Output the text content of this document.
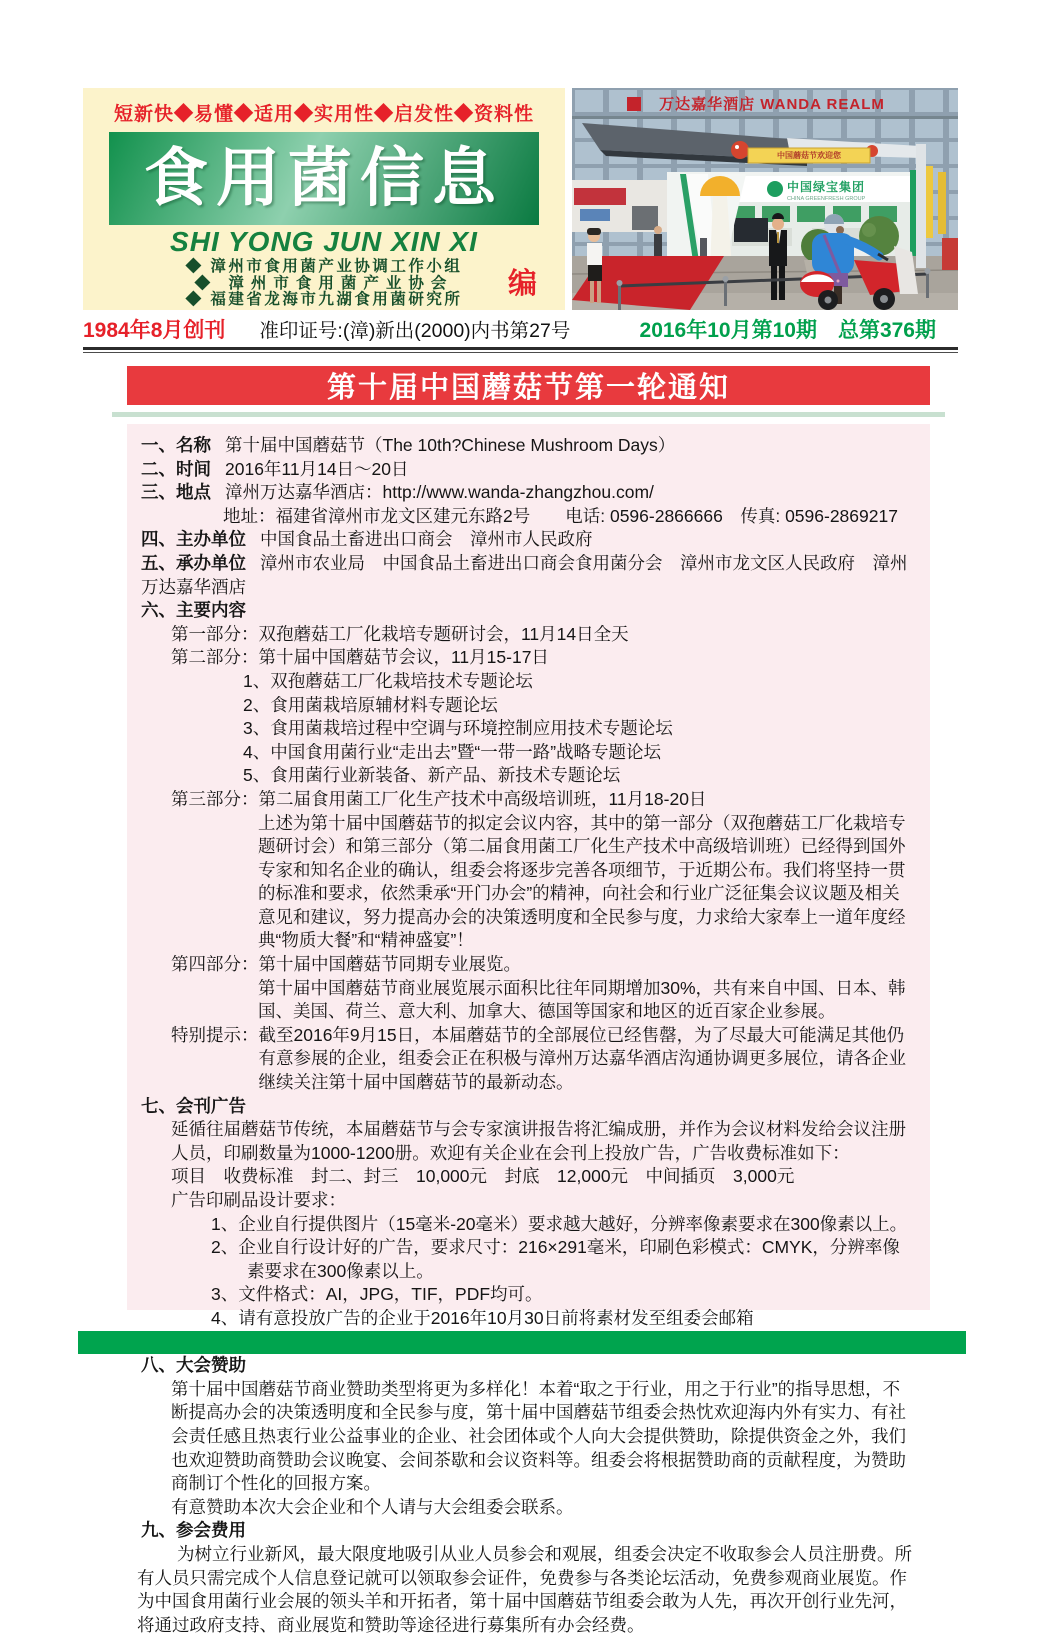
短新快◆易懂◆适用◆实用性◆启发性◆资料性
食用菌信息
SHI YONG JUN XIN XI
编
◆ 漳州市食用菌产业协调工作小组
◆ 漳州市食用菌产业协会
◆ 福建省龙海市九湖食用菌研究所
万达嘉华酒店 WANDA REALM
中国绿宝集团
CHINA GREENFRESH GROUP
中国蘑菇节欢迎您
1984年8月创刊 准印证号:(漳)新出(2000)内书第27号	2016年10月第10期　总第376期
第十届中国蘑菇节第一轮通知
一、名称 第十届中国蘑菇节（The 10th?Chinese Mushroom Days）
二、时间 2016年11月14日～20日
三、地点 漳州万达嘉华酒店：http://www.wanda-zhangzhou.com/
地址：福建省漳州市龙文区建元东路2号　　电话: 0596-2866666　传真: 0596-2869217
四、主办单位 中国食品土畜进出口商会　漳州市人民政府
五、承办单位 漳州市农业局　中国食品土畜进出口商会食用菌分会　漳州市龙文区人民政府　漳州万达嘉华酒店
六、主要内容
第一部分： 双孢蘑菇工厂化栽培专题研讨会，11月14日全天
第二部分： 第十届中国蘑菇节会议，11月15-17日
1、双孢蘑菇工厂化栽培技术专题论坛
2、食用菌栽培原辅材料专题论坛
3、食用菌栽培过程中空调与环境控制应用技术专题论坛
4、中国食用菌行业“走出去”暨“一带一路”战略专题论坛
5、食用菌行业新装备、新产品、新技术专题论坛
第三部分： 第二届食用菌工厂化生产技术中高级培训班，11月18-20日
上述为第十届中国蘑菇节的拟定会议内容，其中的第一部分（双孢蘑菇工厂化栽培专题研讨会）和第三部分（第二届食用菌工厂化生产技术中高级培训班）已经得到国外专家和知名企业的确认，组委会将逐步完善各项细节，于近期公布。我们将坚持一贯的标准和要求，依然秉承“开门办会”的精神，向社会和行业广泛征集会议议题及相关意见和建议，努力提高办会的决策透明度和全民参与度，力求给大家奉上一道年度经典“物质大餐”和“精神盛宴”！
第四部分： 第十届中国蘑菇节同期专业展览。
第十届中国蘑菇节商业展览展示面积比往年同期增加30%，共有来自中国、日本、韩国、美国、荷兰、意大利、加拿大、德国等国家和地区的近百家企业参展。
特别提示： 截至2016年9月15日，本届蘑菇节的全部展位已经售罄，为了尽最大可能满足其他仍有意参展的企业，组委会正在积极与漳州万达嘉华酒店沟通协调更多展位，请各企业继续关注第十届中国蘑菇节的最新动态。
七、会刊广告
延循往届蘑菇节传统，本届蘑菇节与会专家演讲报告将汇编成册，并作为会议材料发给会议注册人员，印刷数量为1000-1200册。欢迎有关企业在会刊上投放广告，广告收费标准如下：
项目　收费标准　封二、封三　10,000元　封底　12,000元　中间插页　3,000元
广告印刷品设计要求：
1、企业自行提供图片（15毫米-20毫米）要求越大越好，分辨率像素要求在300像素以上。
2、企业自行设计好的广告，要求尺寸：216×291毫米，印刷色彩模式：CMYK，分辨率像素要求在300像素以上。
3、文件格式：AI，JPG，TIF，PDF均可。
4、请有意投放广告的企业于2016年10月30日前将素材发至组委会邮箱
八、大会赞助
第十届中国蘑菇节商业赞助类型将更为多样化！本着“取之于行业，用之于行业”的指导思想，不断提高办会的决策透明度和全民参与度，第十届中国蘑菇节组委会热忱欢迎海内外有实力、有社会责任感且热衷行业公益事业的企业、社会团体或个人向大会提供赞助，除提供资金之外，我们也欢迎赞助商赞助会议晚宴、会间茶歇和会议资料等。组委会将根据赞助商的贡献程度，为赞助商制订个性化的回报方案。
有意赞助本次大会企业和个人请与大会组委会联系。
九、参会费用
为树立行业新风，最大限度地吸引从业人员参会和观展，组委会决定不收取参会人员注册费。所有人员只需完成个人信息登记就可以领取参会证件，免费参与各类论坛活动，免费参观商业展览。作为中国食用菌行业会展的领头羊和开拓者，第十届中国蘑菇节组委会敢为人先，再次开创行业先河，将通过政府支持、商业展览和赞助等途径进行募集所有办会经费。
